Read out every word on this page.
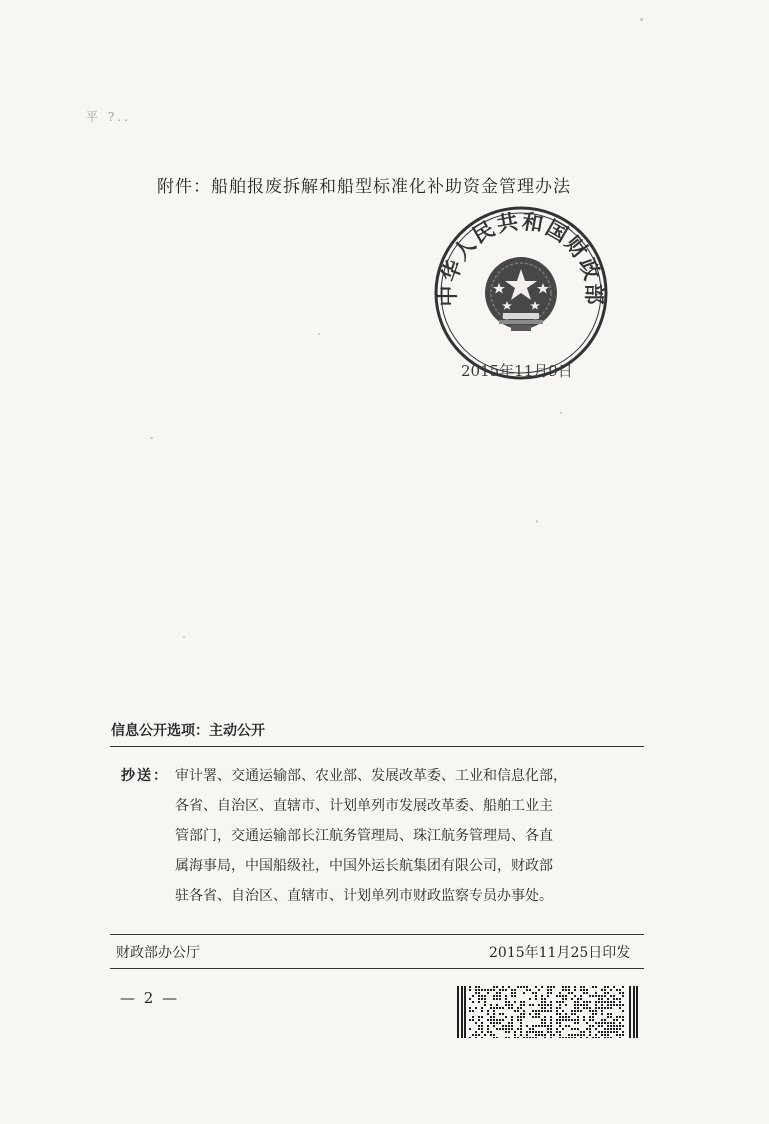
平 ?..
附件：船舶报废拆解和船型标准化补助资金管理办法
中华人民共和国财政部
2015年11月9日
信息公开选项：主动公开
抄送： 审计署、交通运输部、农业部、发展改革委、工业和信息化部，
各省、自治区、直辖市、计划单列市发展改革委、船舶工业主
管部门，交通运输部长江航务管理局、珠江航务管理局、各直
属海事局，中国船级社，中国外运长航集团有限公司，财政部
驻各省、自治区、直辖市、计划单列市财政监察专员办事处。
财政部办公厅	2015年11月25日印发
— 2 —
